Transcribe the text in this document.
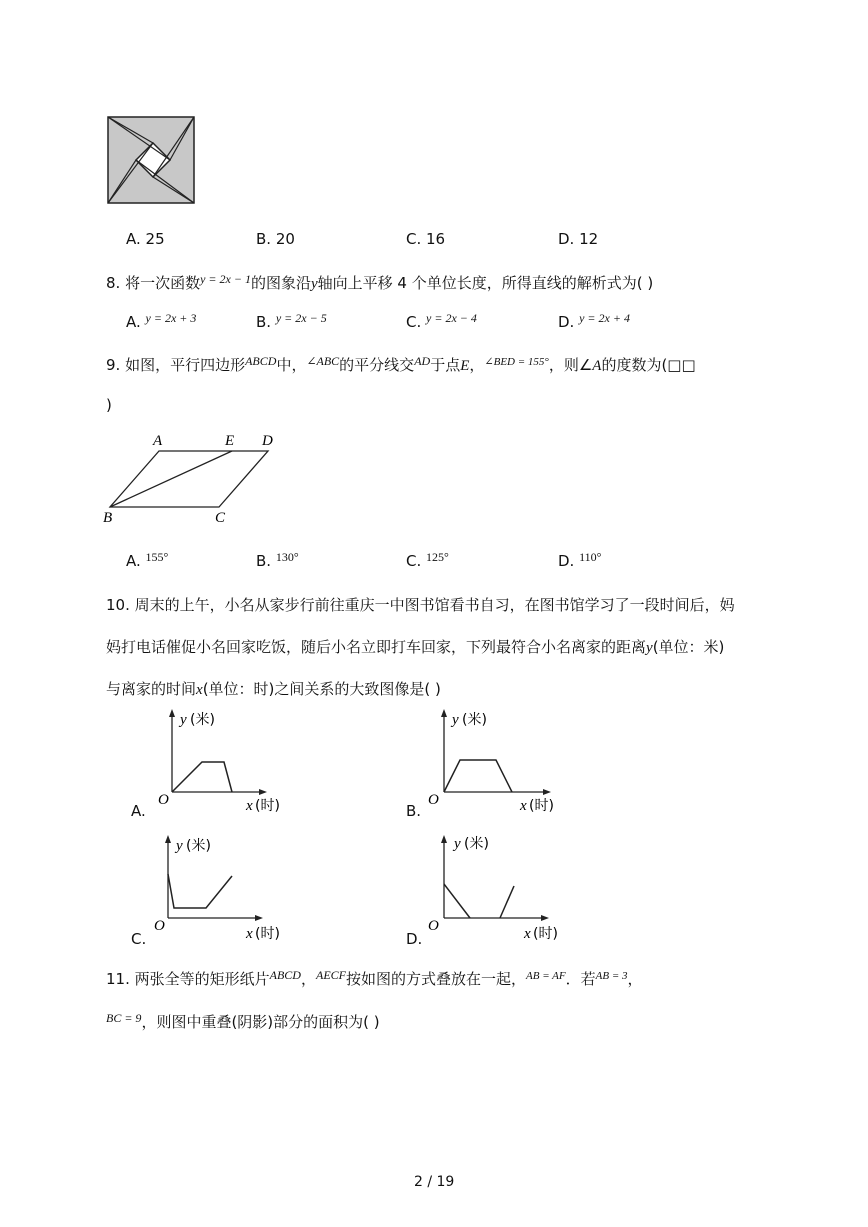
A. 25	B. 20	C. 16	D. 12
8. 将一次函数$^{y = 2x - 1}$的图象沿y轴向上平移 4 个单位长度，所得直线的解析式为( )
A. $^{y = 2x + 3}$	B. $^{y = 2x - 5}$	C. $^{y = 2x - 4}$	D. $^{y = 2x + 4}$
9. 如图，平行四边形$^{ABCD}$中，$^{\angle ABC}$的平分线交$^{AD}$于点E，$^{\angle BED = 155^\circ}$，则∠A的度数为(□□
)
A	E D
B	C
A. $^{155^\circ}$	B. $^{130^\circ}$	C. $^{125^\circ}$	D. $^{110^\circ}$
10. 周末的上午，小名从家步行前往重庆一中图书馆看书自习，在图书馆学习了一段时间后，妈
妈打电话催促小名回家吃饭，随后小名立即打车回家，下列最符合小名离家的距离y(单位：米)
与离家的时间x(单位：时)之间关系的大致图像是( )
A.
y (米)
O	x (时)	B.
y (米)
O	x (时)
C.
y (米)
O	x (时)	D.
y (米)
O	x (时)
11. 两张全等的矩形纸片$^{ABCD}$，$^{AECF}$按如图的方式叠放在一起，$^{AB = AF}$．若$^{AB = 3}$，
$^{BC = 9}$，则图中重叠(阴影)部分的面积为( )
2 / 19
